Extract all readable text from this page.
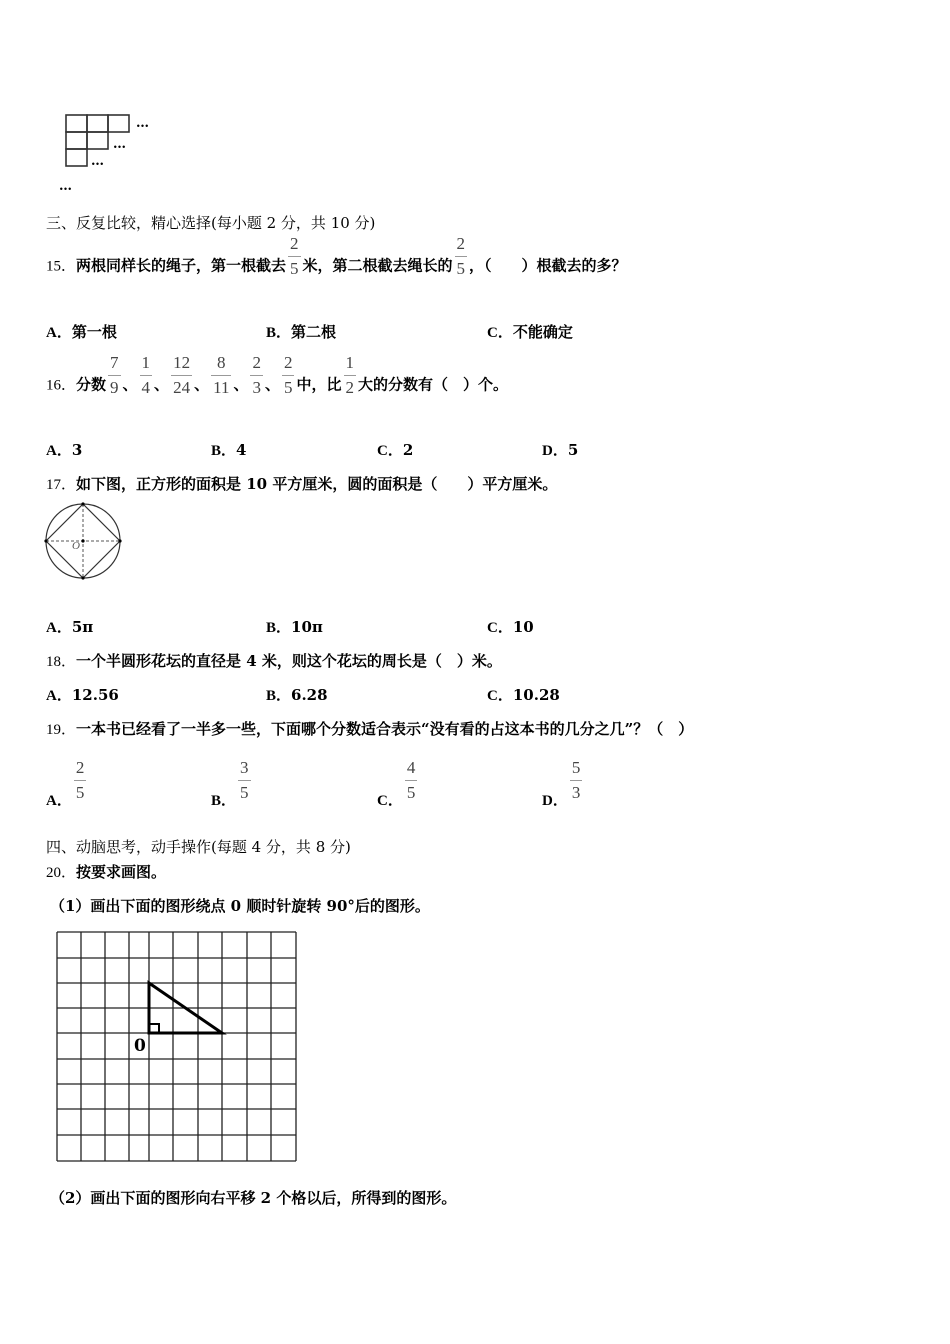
…
…
…
…
三、反复比较，精心选择(每小题 2 分，共 10 分)
15．两根同样长的绳子，第一根截去 $\frac{2}{5}$ 米，第二根截去绳长的 $\frac{2}{5}$ ，（　　）根截去的多？
A．第一根	B．第二根	C．不能确定
16．分数 $\frac{7}{9}$ 、 $\frac{1}{4}$ 、 $\frac{12}{24}$ 、 $\frac{8}{11}$ 、 $\frac{2}{3}$ 、 $\frac{2}{5}$ 中，比 $\frac{1}{2}$ 大的分数有（　）个。
A．3	B．4	C．2	D．5
17．如下图，正方形的面积是 10 平方厘米，圆的面积是（　　）平方厘米。
O
A．5π	B．10π	C．10
18．一个半圆形花坛的直径是 4 米，则这个花坛的周长是（　）米。
A．12.56	B．6.28	C．10.28
19．一本书已经看了一半多一些，下面哪个分数适合表示“没有看的占这本书的几分之几”？（　）
A． $\frac{2}{5}$	B． $\frac{3}{5}$	C． $\frac{4}{5}$	D． $\frac{5}{3}$
四、动脑思考，动手操作(每题 4 分，共 8 分)
20．按要求画图。
（1）画出下面的图形绕点 0 顺时针旋转 90°后的图形。
0
（2）画出下面的图形向右平移 2 个格以后，所得到的图形。
